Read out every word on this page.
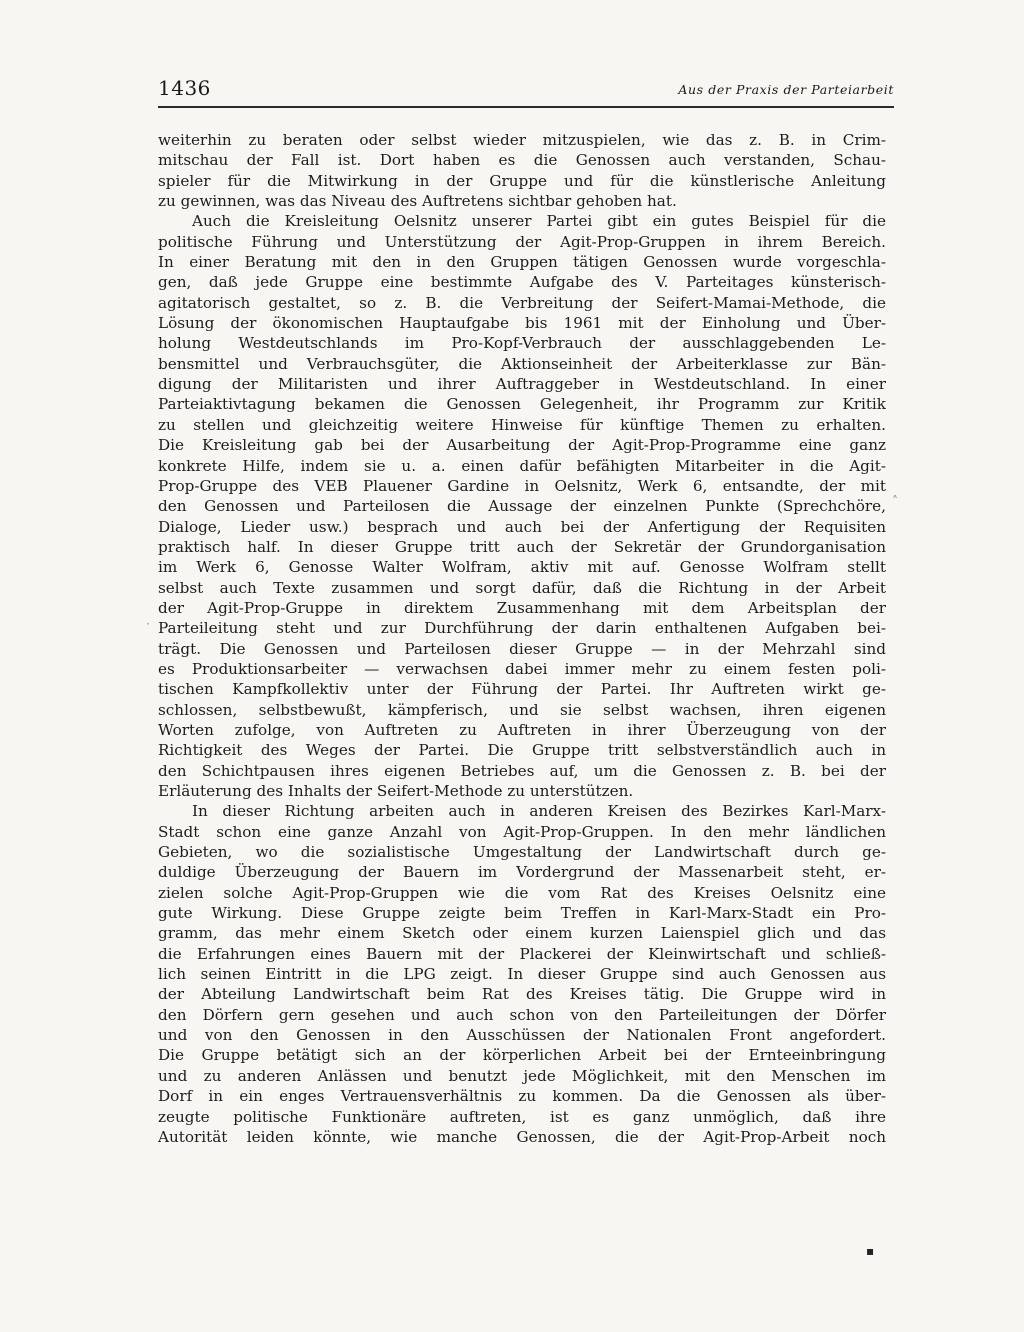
1436	Aus der Praxis der Parteiarbeit
weiterhin zu beraten oder selbst wieder mitzuspielen, wie das z. B. in Crim-
mitschau der Fall ist. Dort haben es die Genossen auch verstanden, Schau-
spieler für die Mitwirkung in der Gruppe und für die künstlerische Anleitung
zu gewinnen, was das Niveau des Auftretens sichtbar gehoben hat.
Auch die Kreisleitung Oelsnitz unserer Partei gibt ein gutes Beispiel für die
politische Führung und Unterstützung der Agit-Prop-Gruppen in ihrem Bereich.
In einer Beratung mit den in den Gruppen tätigen Genossen wurde vorgeschla-
gen, daß jede Gruppe eine bestimmte Aufgabe des V. Parteitages künsterisch-
agitatorisch gestaltet, so z. B. die Verbreitung der Seifert-Mamai-Methode, die
Lösung der ökonomischen Hauptaufgabe bis 1961 mit der Einholung und Über-
holung Westdeutschlands im Pro-Kopf-Verbrauch der ausschlaggebenden Le-
bensmittel und Verbrauchsgüter, die Aktionseinheit der Arbeiterklasse zur Bän-
digung der Militaristen und ihrer Auftraggeber in Westdeutschland. In einer
Parteiaktivtagung bekamen die Genossen Gelegenheit, ihr Programm zur Kritik
zu stellen und gleichzeitig weitere Hinweise für künftige Themen zu erhalten.
Die Kreisleitung gab bei der Ausarbeitung der Agit-Prop-Programme eine ganz
konkrete Hilfe, indem sie u. a. einen dafür befähigten Mitarbeiter in die Agit-
Prop-Gruppe des VEB Plauener Gardine in Oelsnitz, Werk 6, entsandte, der mit
den Genossen und Parteilosen die Aussage der einzelnen Punkte (Sprechchöre,
Dialoge, Lieder usw.) besprach und auch bei der Anfertigung der Requisiten
praktisch half. In dieser Gruppe tritt auch der Sekretär der Grundorganisation
im Werk 6, Genosse Walter Wolfram, aktiv mit auf. Genosse Wolfram stellt
selbst auch Texte zusammen und sorgt dafür, daß die Richtung in der Arbeit
der Agit-Prop-Gruppe in direktem Zusammenhang mit dem Arbeitsplan der
Parteileitung steht und zur Durchführung der darin enthaltenen Aufgaben bei-
trägt. Die Genossen und Parteilosen dieser Gruppe — in der Mehrzahl sind
es Produktionsarbeiter — verwachsen dabei immer mehr zu einem festen poli-
tischen Kampfkollektiv unter der Führung der Partei. Ihr Auftreten wirkt ge-
schlossen, selbstbewußt, kämpferisch, und sie selbst wachsen, ihren eigenen
Worten zufolge, von Auftreten zu Auftreten in ihrer Überzeugung von der
Richtigkeit des Weges der Partei. Die Gruppe tritt selbstverständlich auch in
den Schichtpausen ihres eigenen Betriebes auf, um die Genossen z. B. bei der
Erläuterung des Inhalts der Seifert-Methode zu unterstützen.
In dieser Richtung arbeiten auch in anderen Kreisen des Bezirkes Karl-Marx-
Stadt schon eine ganze Anzahl von Agit-Prop-Gruppen. In den mehr ländlichen
Gebieten, wo die sozialistische Umgestaltung der Landwirtschaft durch ge-
duldige Überzeugung der Bauern im Vordergrund der Massenarbeit steht, er-
zielen solche Agit-Prop-Gruppen wie die vom Rat des Kreises Oelsnitz eine
gute Wirkung. Diese Gruppe zeigte beim Treffen in Karl-Marx-Stadt ein Pro-
gramm, das mehr einem Sketch oder einem kurzen Laienspiel glich und das
die Erfahrungen eines Bauern mit der Plackerei der Kleinwirtschaft und schließ-
lich seinen Eintritt in die LPG zeigt. In dieser Gruppe sind auch Genossen aus
der Abteilung Landwirtschaft beim Rat des Kreises tätig. Die Gruppe wird in
den Dörfern gern gesehen und auch schon von den Parteileitungen der Dörfer
und von den Genossen in den Ausschüssen der Nationalen Front angefordert.
Die Gruppe betätigt sich an der körperlichen Arbeit bei der Ernteeinbringung
und zu anderen Anlässen und benutzt jede Möglichkeit, mit den Menschen im
Dorf in ein enges Vertrauensverhältnis zu kommen. Da die Genossen als über-
zeugte politische Funktionäre auftreten, ist es ganz unmöglich, daß ihre
Autorität leiden könnte, wie manche Genossen, die der Agit-Prop-Arbeit noch
˄
·
▪
